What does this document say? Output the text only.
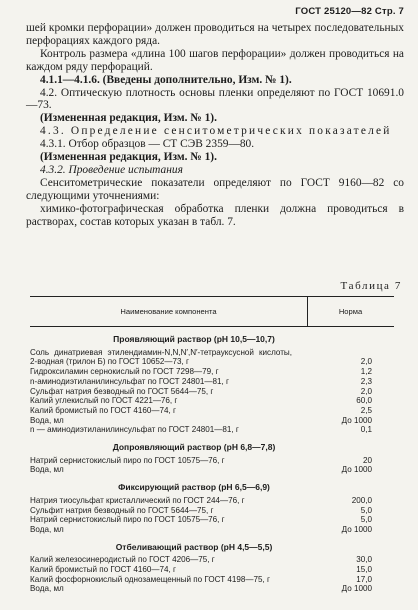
ГОСТ 25120—82 Стр. 7

шей кромки перфорации» должен проводиться на четырех последовательных перфорациях каждого ряда.

Контроль размера «длина 100 шагов перфорации» должен проводиться на каждом ряду перфораций.

4.1.1—4.1.6. (Введены дополнительно, Изм. № 1).

4.2. Оптическую плотность основы пленки определяют по ГОСТ 10691.0—73.

(Измененная редакция, Изм. № 1).

4.3. Определение сенситометрических показателей

4.3.1. Отбор образцов — СТ СЭВ 2359—80.

(Измененная редакция, Изм. № 1).

4.3.2. Проведение испытания

Сенситометрические показатели определяют по ГОСТ 9160—82 со следующими уточнениями:

химико-фотографическая обработка пленки должна проводиться в растворах, состав которых указан в табл. 7.

Таблица 7
Наименование компонента	Норма
Проявляющий раствор (pH 10,5—10,7)
Соль динатриевая этилендиамин-N,N,N′,N′-тетрауксусной кислоты, 2-водная (трилон Б) по ГОСТ 10652—73, г	2,0
Гидроксиламин сернокислый по ГОСТ 7298—79, г	1,2
n-аминодиэтиланилинсульфат по ГОСТ 24801—81, г	2,3
Сульфат натрия безводный по ГОСТ 5644—75, г	2,0
Калий углекислый по ГОСТ 4221—76, г	60,0
Калий бромистый по ГОСТ 4160—74, г	2,5
Вода, мл	До 1000
n — аминодиэтиланилинсульфат по ГОСТ 24801—81, г	0,1
Допроявляющий раствор (pH 6,8—7,8)
Натрий сернистокислый пиро по ГОСТ 10575—76, г	20
Вода, мл	До 1000
Фиксирующий раствор (pH 6,5—6,9)
Натрия тиосульфат кристаллический по ГОСТ 244—76, г	200,0
Сульфит натрия безводный по ГОСТ 5644—75, г	5,0
Натрий сернистокислый пиро по ГОСТ 10575—76, г	5,0
Вода, мл	До 1000
Отбеливающий раствор (pH 4,5—5,5)
Калий железосинеродистый по ГОСТ 4206—75, г	30,0
Калий бромистый по ГОСТ 4160—74, г	15,0
Калий фосфорнокислый однозамещенный по ГОСТ 4198—75, г	17,0
Вода, мл	До 1000
